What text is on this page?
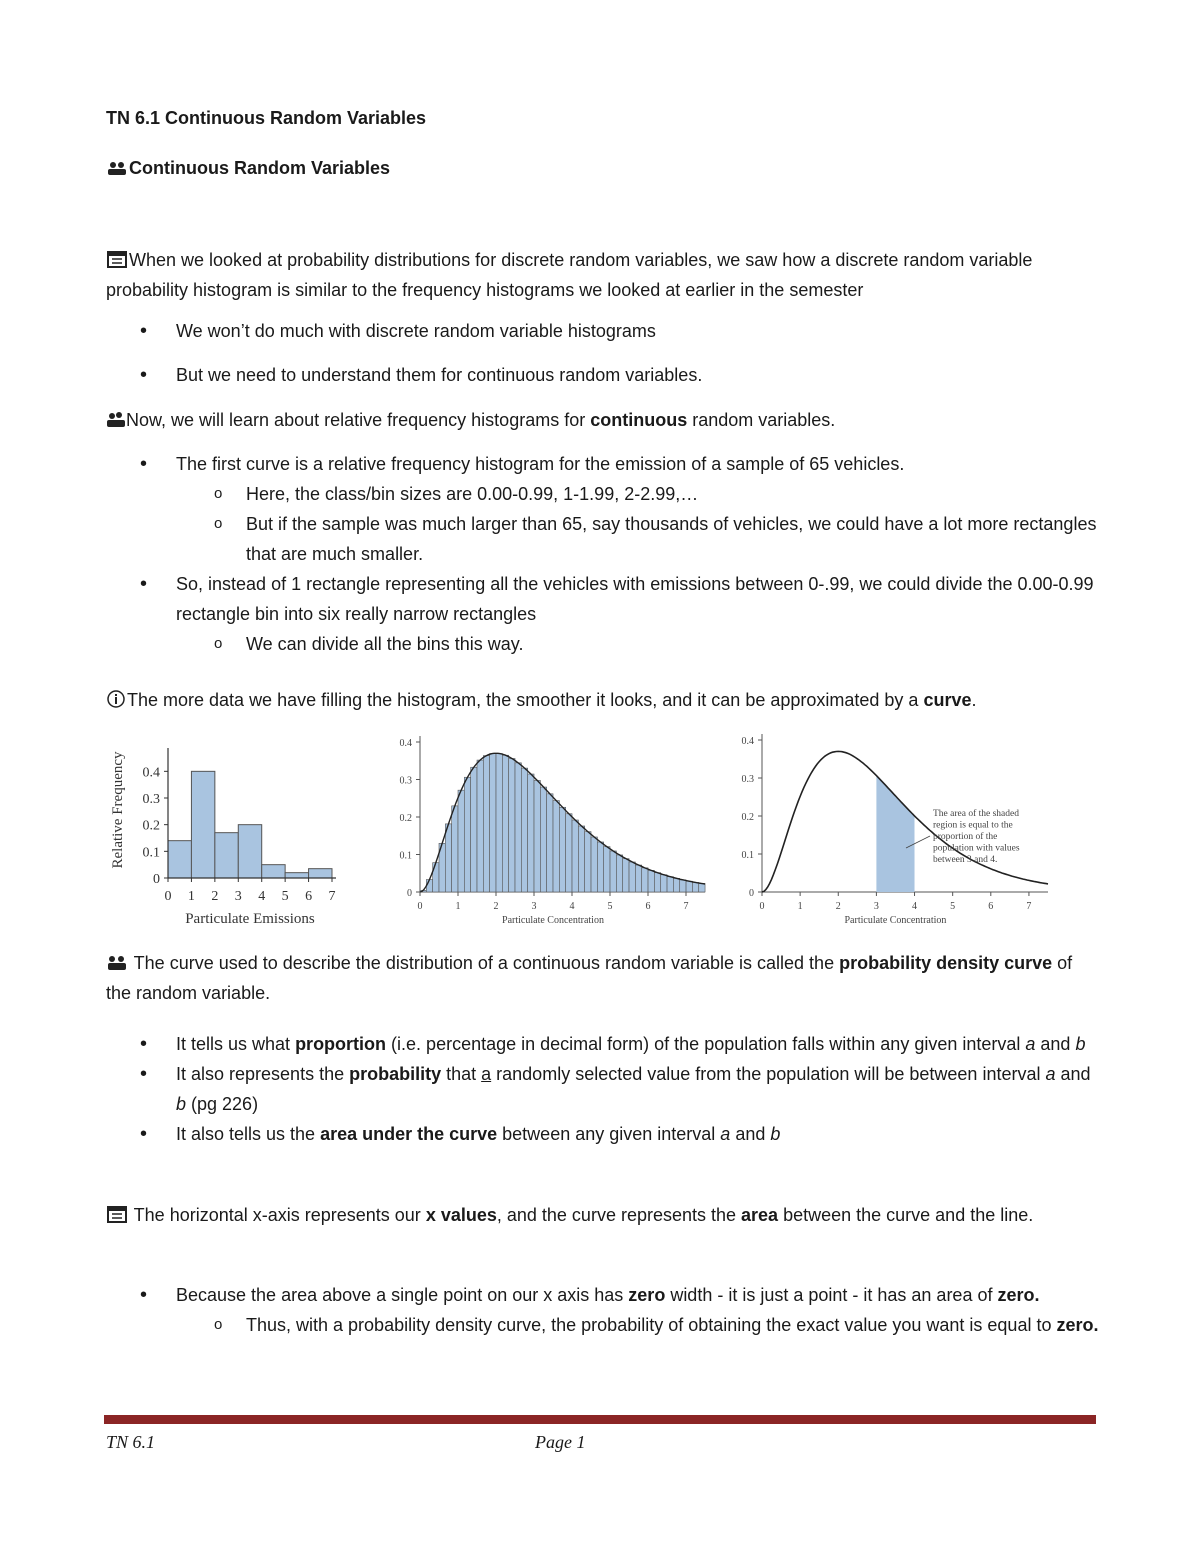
TN 6.1 Continuous Random Variables
Continuous Random Variables
When we looked at probability distributions for discrete random variables, we saw how a discrete random variable probability histogram is similar to the frequency histograms we looked at earlier in the semester
• We won’t do much with discrete random variable histograms
• But we need to understand them for continuous random variables.
Now, we will learn about relative frequency histograms for continuous random variables.
• The first curve is a relative frequency histogram for the emission of a sample of 65 vehicles.
o Here, the class/bin sizes are 0.00-0.99, 1-1.99, 2-2.99,…
o But if the sample was much larger than 65, say thousands of vehicles, we could have a lot more rectangles that are much smaller.
• So, instead of 1 rectangle representing all the vehicles with emissions between 0-.99, we could divide the 0.00-0.99 rectangle bin into six really narrow rectangles
o We can divide all the bins this way.
The more data we have filling the histogram, the smoother it looks, and it can be approximated by a curve.
0
0.1
0.2
0.3
0.4
0 1 2 3 4 5 6 7
Particulate Emissions
Relative Frequency
0
0.1
0.2
0.3
0.4
0	1	2	3	4	5	6	7
Particulate Concentration
0
0.1
0.2
0.3
0.4
0	1	2	3	4	5	6	7
Particulate Concentration
The area of the shaded region is equal to the proportion of the population with values between 3 and 4.
The curve used to describe the distribution of a continuous random variable is called the probability density curve of the random variable.
• It tells us what proportion (i.e. percentage in decimal form) of the population falls within any given interval a and b
• It also represents the probability that a randomly selected value from the population will be between interval a and b (pg 226)
• It also tells us the area under the curve between any given interval a and b
The horizontal x-axis represents our x values, and the curve represents the area between the curve and the line.
• Because the area above a single point on our x axis has zero width - it is just a point - it has an area of zero.
o Thus, with a probability density curve, the probability of obtaining the exact value you want is equal to zero.
TN 6.1	Page 1
